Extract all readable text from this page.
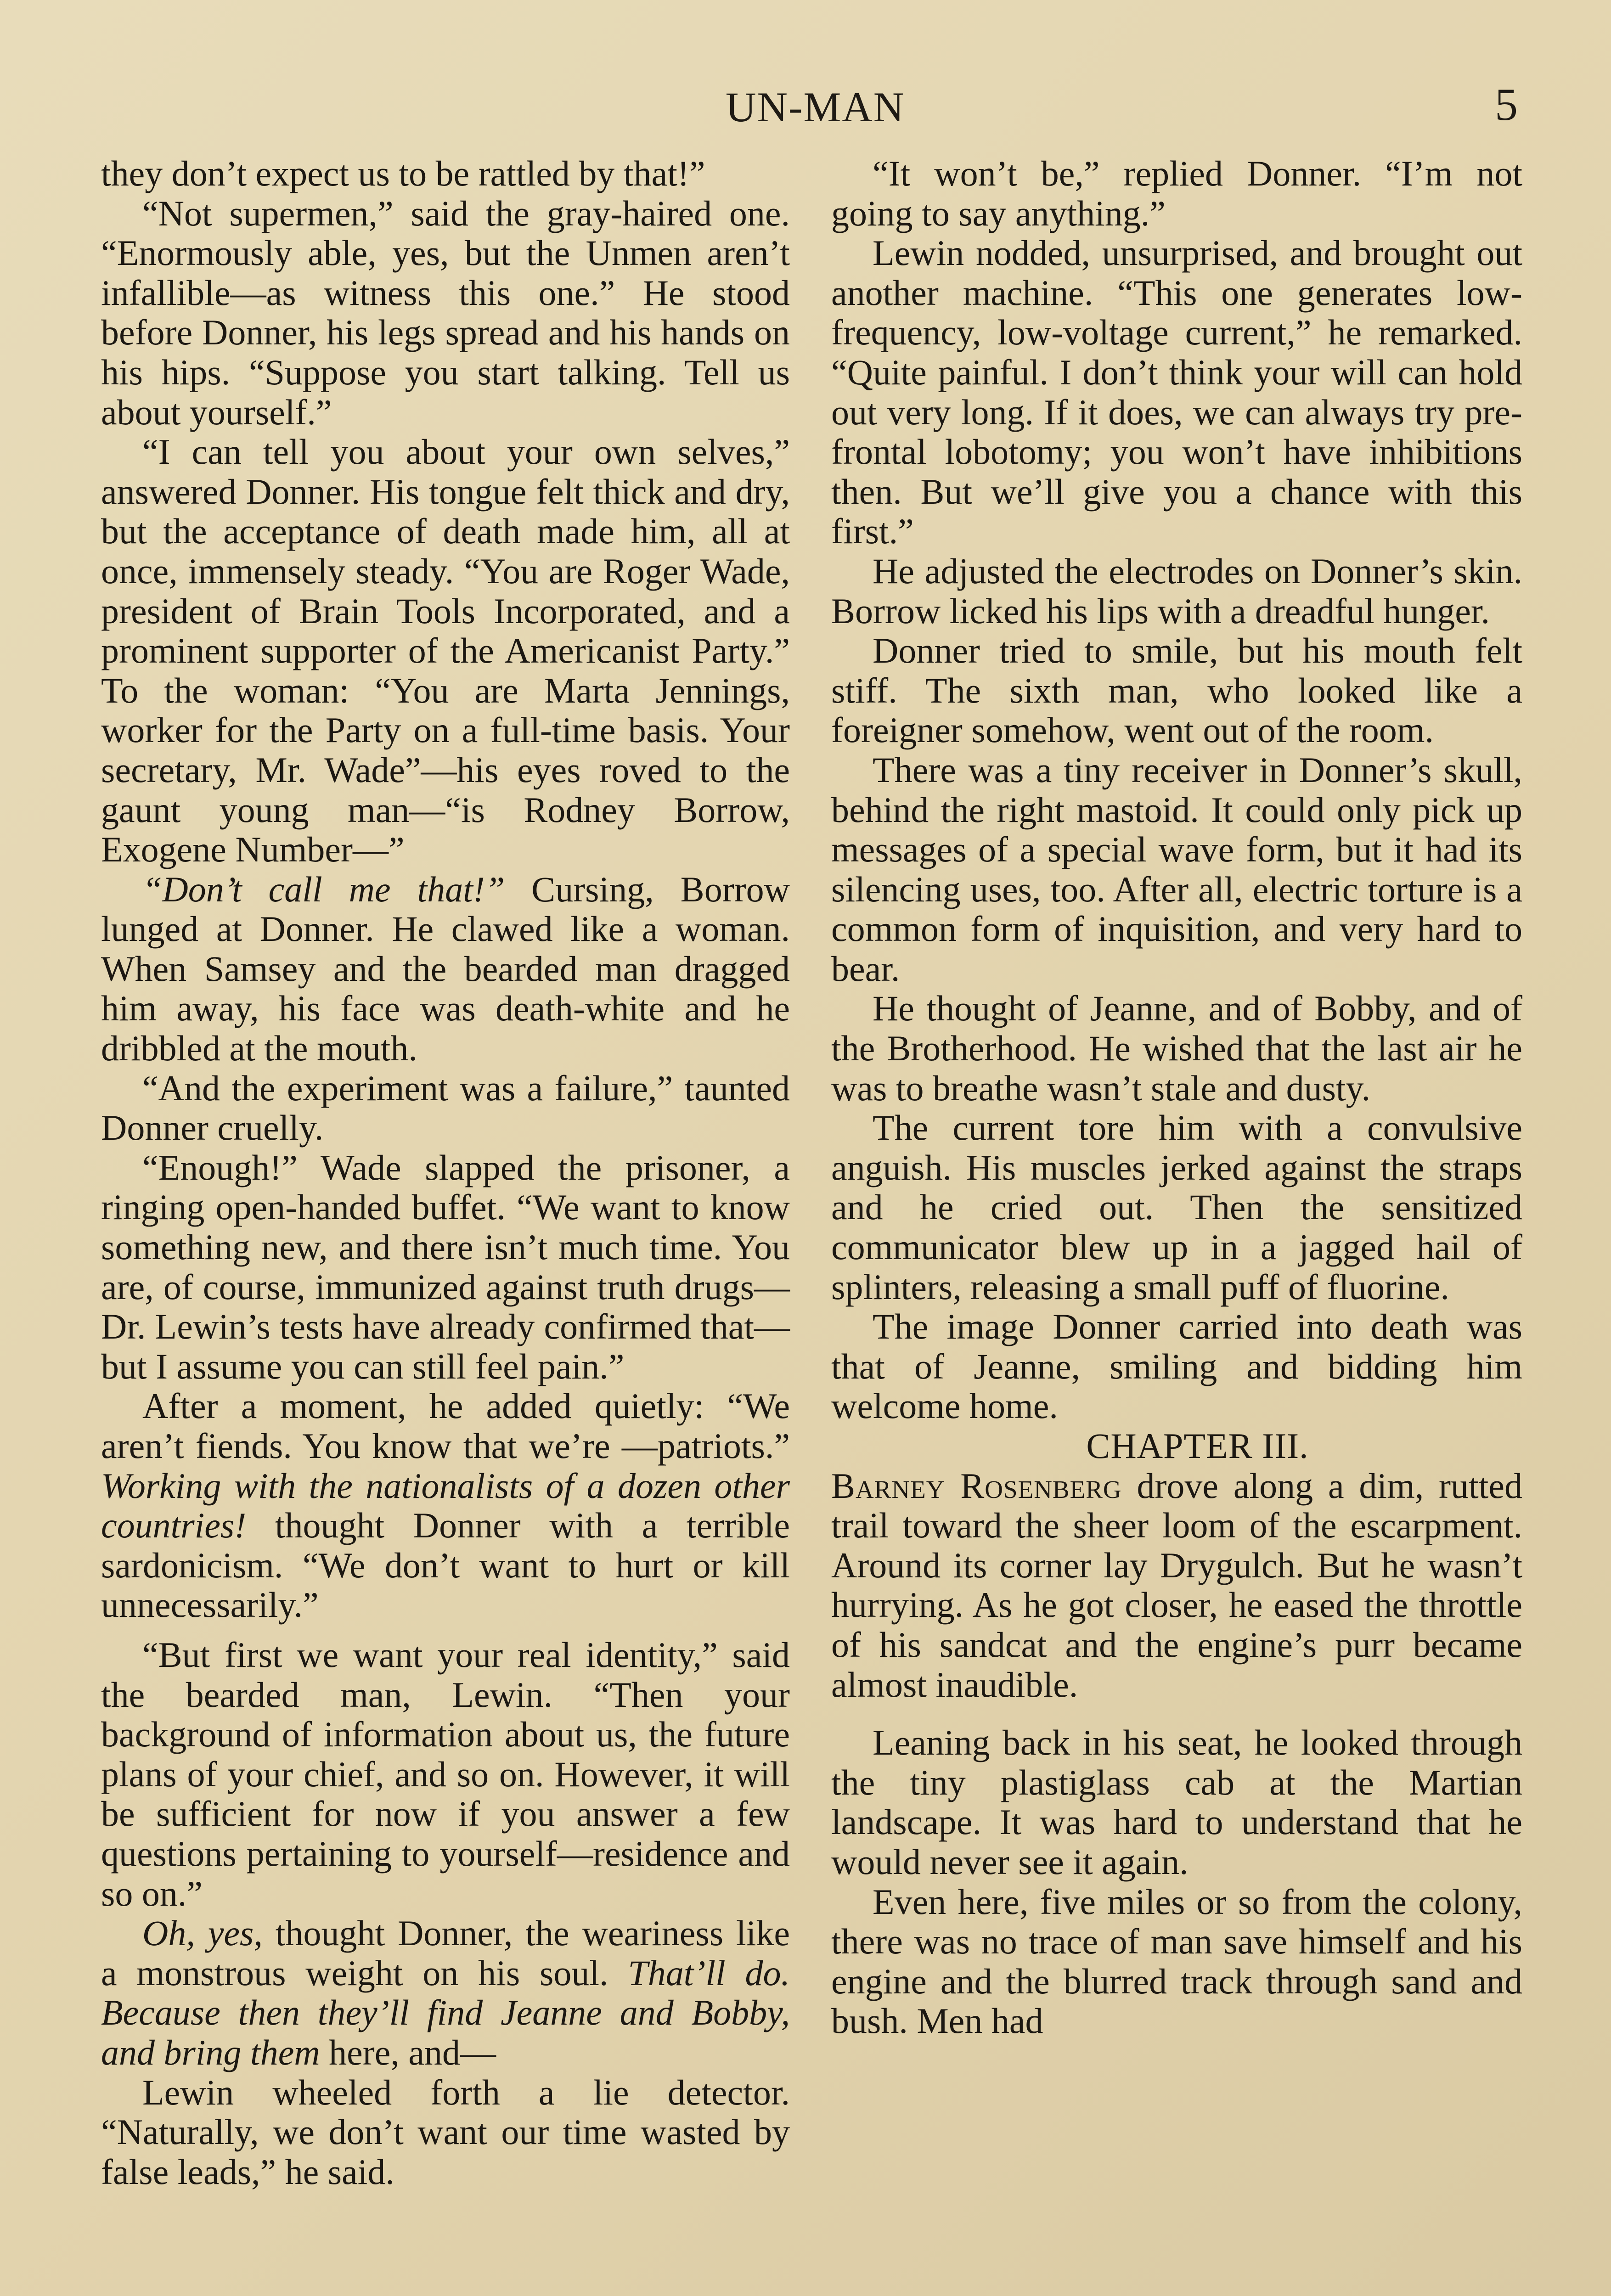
UN-MAN	5

they don’t expect us to be rattled by that!”

“Not supermen,” said the gray-haired one. “Enormously able, yes, but the Unmen aren’t infallible—as witness this one.” He stood before Donner, his legs spread and his hands on his hips. “Suppose you start talking. Tell us about yourself.”

“I can tell you about your own selves,” answered Donner. His tongue felt thick and dry, but the acceptance of death made him, all at once, immensely steady. “You are Roger Wade, president of Brain Tools Incorporated, and a prominent supporter of the Americanist Party.” To the woman: “You are Marta Jennings, worker for the Party on a full-time basis. Your secretary, Mr. Wade”—his eyes roved to the gaunt young man—“is Rodney Borrow, Exogene Number—”

“Don’t call me that!” Cursing, Borrow lunged at Donner. He clawed like a woman. When Samsey and the bearded man dragged him away, his face was death-white and he dribbled at the mouth.

“And the experiment was a failure,” taunted Donner cruelly.

“Enough!” Wade slapped the prisoner, a ringing open-handed buffet. “We want to know something new, and there isn’t much time. You are, of course, immunized against truth drugs—Dr. Lewin’s tests have already confirmed that—but I assume you can still feel pain.”

After a moment, he added quietly: “We aren’t fiends. You know that we’re —patriots.” Working with the nationalists of a dozen other countries! thought Donner with a terrible sardonicism. “We don’t want to hurt or kill unnecessarily.”

“But first we want your real identity,” said the bearded man, Lewin. “Then your background of information about us, the future plans of your chief, and so on. However, it will be sufficient for now if you answer a few questions pertaining to yourself—residence and so on.”

Oh, yes, thought Donner, the weariness like a monstrous weight on his soul. That’ll do. Because then they’ll find Jeanne and Bobby, and bring them here, and—

Lewin wheeled forth a lie detector. “Naturally, we don’t want our time wasted by false leads,” he said.

“It won’t be,” replied Donner. “I’m not going to say anything.”

Lewin nodded, unsurprised, and brought out another machine. “This one generates low-frequency, low-voltage current,” he remarked. “Quite painful. I don’t think your will can hold out very long. If it does, we can always try prefrontal lobotomy; you won’t have inhibitions then. But we’ll give you a chance with this first.”

He adjusted the electrodes on Donner’s skin. Borrow licked his lips with a dreadful hunger.

Donner tried to smile, but his mouth felt stiff. The sixth man, who looked like a foreigner somehow, went out of the room.

There was a tiny receiver in Donner’s skull, behind the right mastoid. It could only pick up messages of a special wave form, but it had its silencing uses, too. After all, electric torture is a common form of inquisition, and very hard to bear.

He thought of Jeanne, and of Bobby, and of the Brotherhood. He wished that the last air he was to breathe wasn’t stale and dusty.

The current tore him with a convulsive anguish. His muscles jerked against the straps and he cried out. Then the sensitized communicator blew up in a jagged hail of splinters, releasing a small puff of fluorine.

The image Donner carried into death was that of Jeanne, smiling and bidding him welcome home.

CHAPTER III.

Barney Rosenberg drove along a dim, rutted trail toward the sheer loom of the escarpment. Around its corner lay Drygulch. But he wasn’t hurrying. As he got closer, he eased the throttle of his sandcat and the engine’s purr became almost inaudible.

Leaning back in his seat, he looked through the tiny plastiglass cab at the Martian landscape. It was hard to understand that he would never see it again.

Even here, five miles or so from the colony, there was no trace of man save himself and his engine and the blurred track through sand and bush. Men had
